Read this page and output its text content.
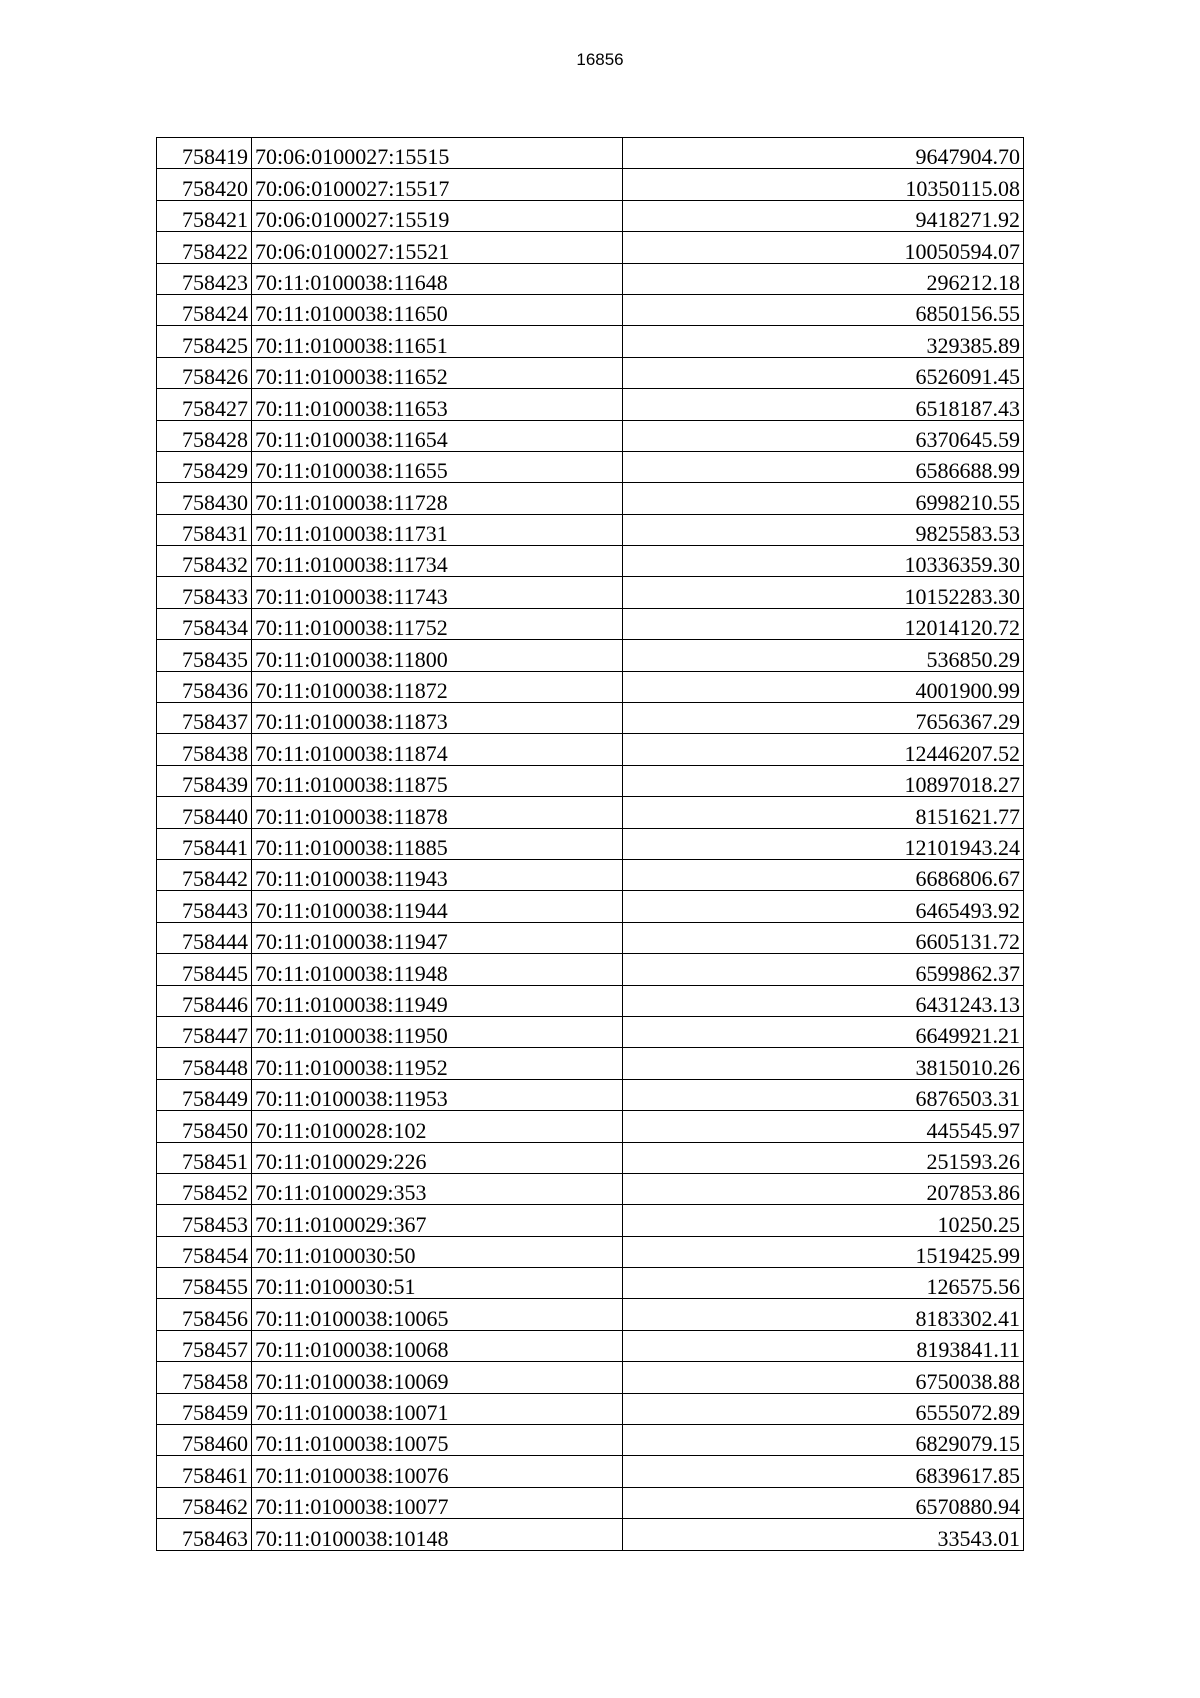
16856
758419	70:06:0100027:15515	9647904.70
758420	70:06:0100027:15517	10350115.08
758421	70:06:0100027:15519	9418271.92
758422	70:06:0100027:15521	10050594.07
758423	70:11:0100038:11648	296212.18
758424	70:11:0100038:11650	6850156.55
758425	70:11:0100038:11651	329385.89
758426	70:11:0100038:11652	6526091.45
758427	70:11:0100038:11653	6518187.43
758428	70:11:0100038:11654	6370645.59
758429	70:11:0100038:11655	6586688.99
758430	70:11:0100038:11728	6998210.55
758431	70:11:0100038:11731	9825583.53
758432	70:11:0100038:11734	10336359.30
758433	70:11:0100038:11743	10152283.30
758434	70:11:0100038:11752	12014120.72
758435	70:11:0100038:11800	536850.29
758436	70:11:0100038:11872	4001900.99
758437	70:11:0100038:11873	7656367.29
758438	70:11:0100038:11874	12446207.52
758439	70:11:0100038:11875	10897018.27
758440	70:11:0100038:11878	8151621.77
758441	70:11:0100038:11885	12101943.24
758442	70:11:0100038:11943	6686806.67
758443	70:11:0100038:11944	6465493.92
758444	70:11:0100038:11947	6605131.72
758445	70:11:0100038:11948	6599862.37
758446	70:11:0100038:11949	6431243.13
758447	70:11:0100038:11950	6649921.21
758448	70:11:0100038:11952	3815010.26
758449	70:11:0100038:11953	6876503.31
758450	70:11:0100028:102	445545.97
758451	70:11:0100029:226	251593.26
758452	70:11:0100029:353	207853.86
758453	70:11:0100029:367	10250.25
758454	70:11:0100030:50	1519425.99
758455	70:11:0100030:51	126575.56
758456	70:11:0100038:10065	8183302.41
758457	70:11:0100038:10068	8193841.11
758458	70:11:0100038:10069	6750038.88
758459	70:11:0100038:10071	6555072.89
758460	70:11:0100038:10075	6829079.15
758461	70:11:0100038:10076	6839617.85
758462	70:11:0100038:10077	6570880.94
758463	70:11:0100038:10148	33543.01
